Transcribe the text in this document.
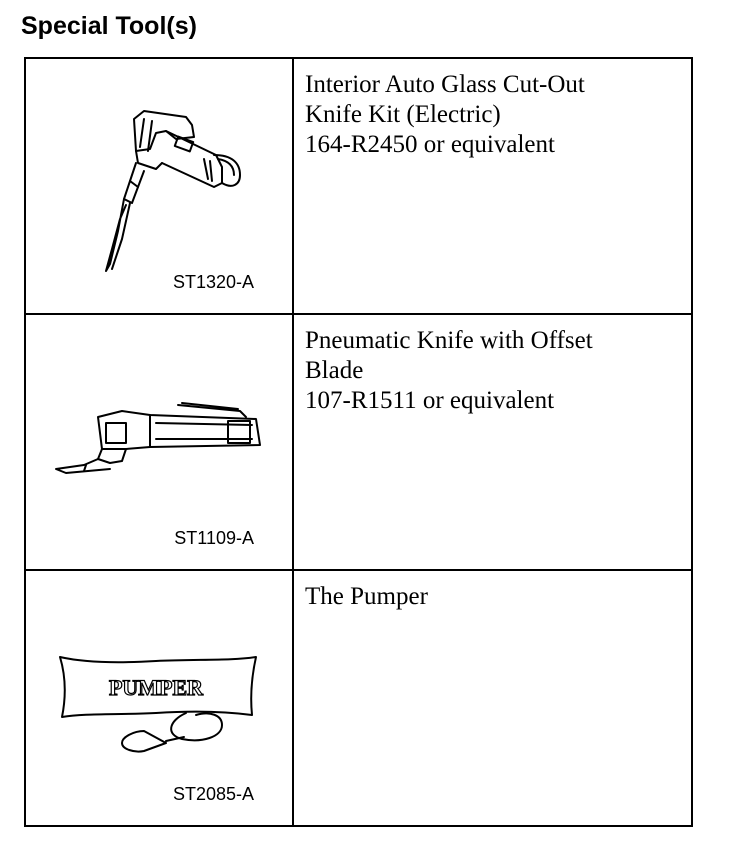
Special Tool(s)
ST1320-A	Interior Auto Glass Cut-Out
Knife Kit (Electric)
164-R2450 or equivalent

ST1109-A	Pneumatic Knife with Offset
Blade
107-R1511 or equivalent

PUMPER
ST2085-A	The Pumper
